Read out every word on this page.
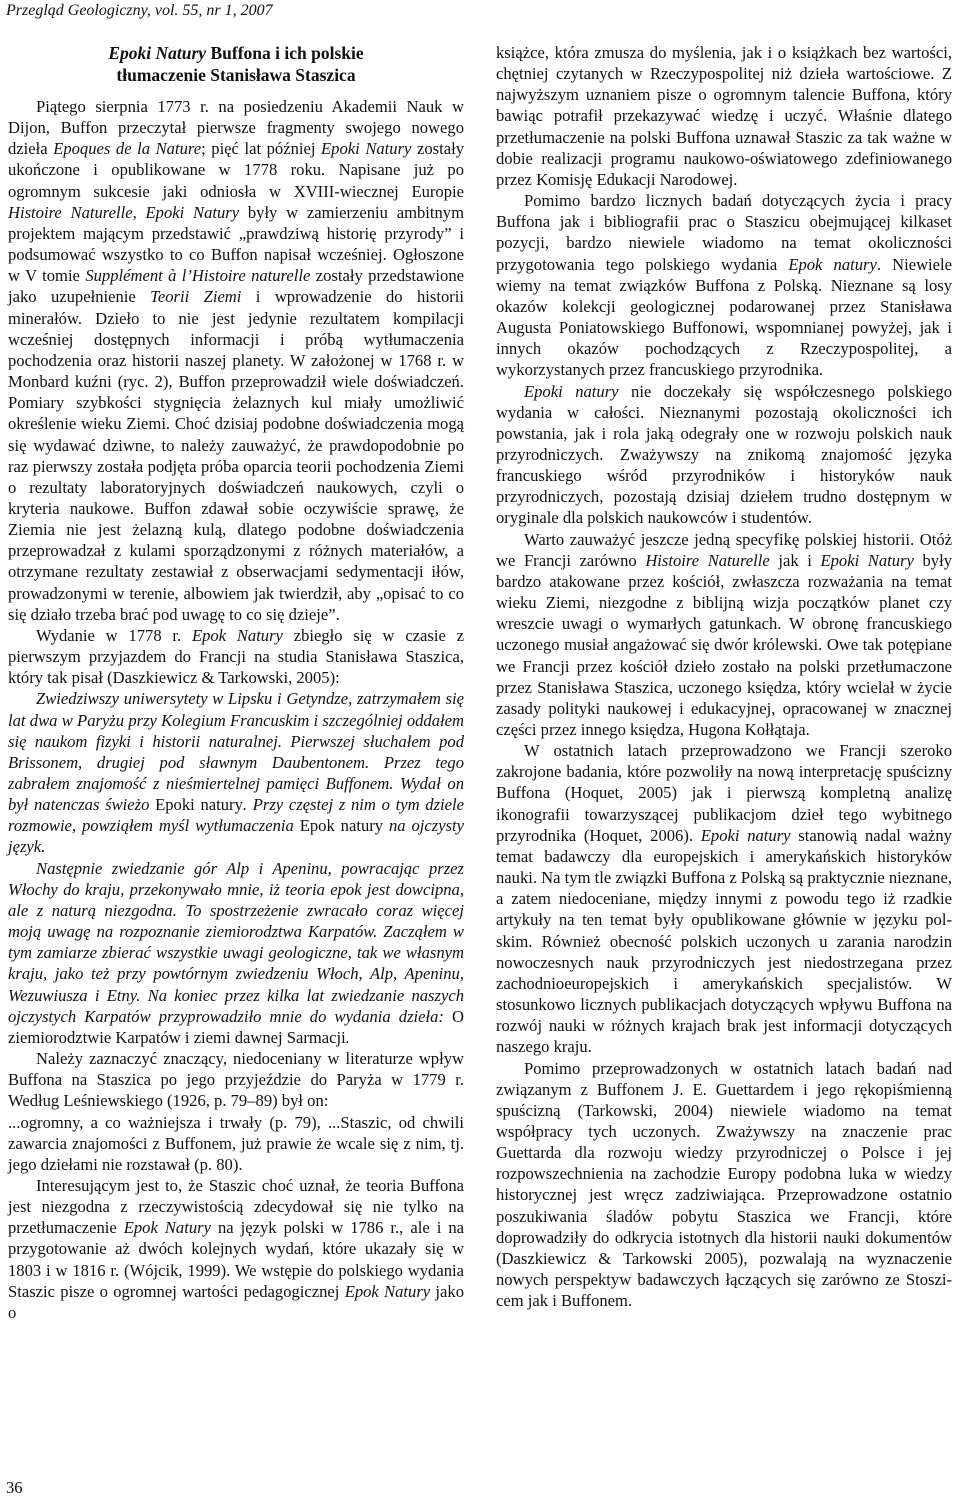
Przegląd Geologiczny, vol. 55, nr 1, 2007
Epoki Natury Buffona i ich polskie
tłumaczenie Stanisława Staszica

Piątego sierpnia 1773 r. na posiedzeniu Akademii Nauk w Dijon, Buffon przeczytał pierwsze fragmenty swojego nowego dzieła Epoques de la Nature; pięć lat później Epoki Natury zostały ukończone i opublikowane w 1778 roku. Napisane już po ogromnym sukcesie jaki odniosła w XVIII-wiecznej Europie Histoire Naturelle, Epoki Natury były w zamierzeniu ambitnym projektem mającym przedstawić „prawdziwą historię przyrody” i podsumować wszystko to co Buffon napisał wcześniej. Ogłoszone w V tomie Supplément à l’Histoire naturelle zostały przedstawione jako uzupełnienie Teorii Ziemi i wprowadzenie do historii minerałów. Dzieło to nie jest jedynie rezultatem kompilacji wcześniej dostępnych informacji i próbą wytłumaczenia pochodzenia oraz historii naszej planety. W założonej w 1768 r. w Monbard kuźni (ryc. 2), Buffon przeprowadził wiele doświadczeń. Pomiary szybkości stygnięcia żelaznych kul miały umożliwić określenie wieku Ziemi. Choć dzisiaj podobne doświadczenia mogą się wydawać dziwne, to należy zauważyć, że prawdopodobnie po raz pierwszy została podjęta próba oparcia teorii pochodzenia Ziemi o rezultaty laboratoryjnych doświadczeń naukowych, czyli o kryteria naukowe. Buffon zdawał sobie oczywiście sprawę, że Ziemia nie jest żelazną kulą, dlatego podobne doświadczenia przeprowadzał z kulami sporządzonymi z różnych materiałów, a otrzymane rezultaty zestawiał z obserwacjami sedymentacji iłów, prowadzonymi w terenie, albowiem jak twierdził, aby „opisać to co się działo trzeba brać pod uwagę to co się dzieje”.

Wydanie w 1778 r. Epok Natury zbiegło się w czasie z pierwszym przyjazdem do Francji na studia Stanisława Staszica, który tak pisał (Daszkiewicz & Tarkowski, 2005):

Zwiedziwszy uniwersytety w Lipsku i Getyndze, zatrzymałem się lat dwa w Paryżu przy Kolegium Francuskim i szczególniej oddałem się naukom fizyki i historii naturalnej. Pierwszej słuchałem pod Brissonem, drugiej pod sławnym Daubentonem. Przez tego zabrałem znajomość z nieśmiertelnej pamięci Buffonem. Wydał on był natenczas świeżo Epoki natury. Przy częstej z nim o tym dziele rozmowie, powziąłem myśl wytłumaczenia Epok natury na ojczysty język.

Następnie zwiedzanie gór Alp i Apeninu, powracając przez Włochy do kraju, przekonywało mnie, iż teoria epok jest dowcipna, ale z naturą niezgodna. To spostrzeżenie zwracało coraz więcej moją uwagę na rozpoznanie ziemiorodztwa Karpatów. Zacząłem w tym zamiarze zbierać wszystkie uwagi geologiczne, tak we własnym kraju, jako też przy powtórnym zwiedzeniu Włoch, Alp, Apeninu, Wezuwiusza i Etny. Na koniec przez kilka lat zwiedzanie naszych ojczystych Karpatów przyprowadziło mnie do wydania dzieła: O ziemiorodztwie Karpatów i ziemi dawnej Sarmacji.

Należy zaznaczyć znaczący, niedoceniany w literaturze wpływ Buffona na Staszica po jego przyjeździe do Paryża w 1779 r. Według Leśniewskiego (1926, p. 79–89) był on:

...ogromny, a co ważniejsza i trwały (p. 79), ...Staszic, od chwili zawarcia znajomości z Buffonem, już prawie że wcale się z nim, tj. jego dziełami nie rozstawał (p. 80).

Interesującym jest to, że Staszic choć uznał, że teoria Buffona jest niezgodna z rzeczywistością zdecydował się nie tylko na przetłumaczenie Epok Natury na język polski w 1786 r., ale i na przygotowanie aż dwóch kolejnych wydań, które ukazały się w 1803 i w 1816 r. (Wójcik, 1999). We wstępie do polskiego wydania Staszic pisze o ogromnej wartości pedagogicznej Epok Natury jako o

książce, która zmusza do myślenia, jak i o książkach bez wartości, chętniej czytanych w Rzeczypospolitej niż dzieła wartościowe. Z najwyższym uznaniem pisze o ogromnym talencie Buffona, który bawiąc potrafił przekazywać wiedzę i uczyć. Właśnie dlatego przetłumaczenie na polski Buffona uznawał Staszic za tak ważne w dobie realizacji programu naukowo-oświatowego zdefiniowanego przez Komisję Edukacji Narodowej.

Pomimo bardzo licznych badań dotyczących życia i pracy Buffona jak i bibliografii prac o Staszicu obejmującej kilkaset pozycji, bardzo niewiele wiadomo na temat okoliczności przygotowania tego polskiego wydania Epok natury. Niewiele wiemy na temat związków Buffona z Polską. Nieznane są losy okazów kolekcji geologicznej podarowanej przez Stanisława Augusta Poniatowskiego Buffonowi, wspomnianej powyżej, jak i innych okazów pochodzących z Rzeczypospolitej, a wykorzystanych przez francuskiego przyrodnika.

Epoki natury nie doczekały się współczesnego polskiego wydania w całości. Nieznanymi pozostają okoliczności ich powstania, jak i rola jaką odegrały one w rozwoju polskich nauk przyrodniczych. Zważywszy na znikomą znajomość języka francuskiego wśród przyrodników i historyków nauk przyrodniczych, pozostają dzisiaj dziełem trudno dostępnym w oryginale dla polskich naukowców i studentów.

Warto zauważyć jeszcze jedną specyfikę polskiej historii. Otóż we Francji zarówno Histoire Naturelle jak i Epoki Natury były bardzo atakowane przez kościół, zwłaszcza rozważania na temat wieku Ziemi, niezgodne z biblijną wizja początków planet czy wreszcie uwagi o wymarłych gatunkach. W obronę francuskiego uczonego musiał angażować się dwór królewski. Owe tak potępiane we Francji przez kościół dzieło zostało na polski przetłumaczone przez Stanisława Staszica, uczonego księdza, który wcielał w życie zasady polityki naukowej i edukacyjnej, opracowanej w znacznej części przez innego księdza, Hugona Kołłątaja.

W ostatnich latach przeprowadzono we Francji szeroko zakrojone badania, które pozwoliły na nową interpretację spuścizny Buffona (Hoquet, 2005) jak i pierwszą kompletną analizę ikonografii towarzyszącej publikacjom dzieł tego wybitnego przyrodnika (Hoquet, 2006). Epoki natury stanowią nadal ważny temat badawczy dla europejskich i amerykańskich historyków nauki. Na tym tle związki Buffona z Polską są praktycznie nieznane, a zatem niedoceniane, między innymi z powodu tego iż rzadkie artykuły na ten temat były opublikowane głównie w języku polskim. Również obecność polskich uczonych u zarania narodzin nowoczesnych nauk przyrodniczych jest niedostrzegana przez zachodnioeuropejskich i amerykańskich specjalistów. W stosunkowo licznych publikacjach dotyczących wpływu Buffona na rozwój nauki w różnych krajach brak jest informacji dotyczących naszego kraju.

Pomimo przeprowadzonych w ostatnich latach badań nad związanym z Buffonem J. E. Guettardem i jego rękopiśmienną spuścizną (Tarkowski, 2004) niewiele wiadomo na temat współpracy tych uczonych. Zważywszy na znaczenie prac Guettarda dla rozwoju wiedzy przyrodniczej o Polsce i jej rozpowszechnienia na zachodzie Europy podobna luka w wiedzy historycznej jest wręcz zadziwiająca. Przeprowadzone ostatnio poszukiwania śladów pobytu Staszica we Francji, które doprowadziły do odkrycia istotnych dla historii nauki dokumentów (Daszkiewicz & Tarkowski 2005), pozwalają na wyznaczenie nowych perspektyw badawczych łączących się zarówno ze Stoszicem jak i Buffonem.

36
